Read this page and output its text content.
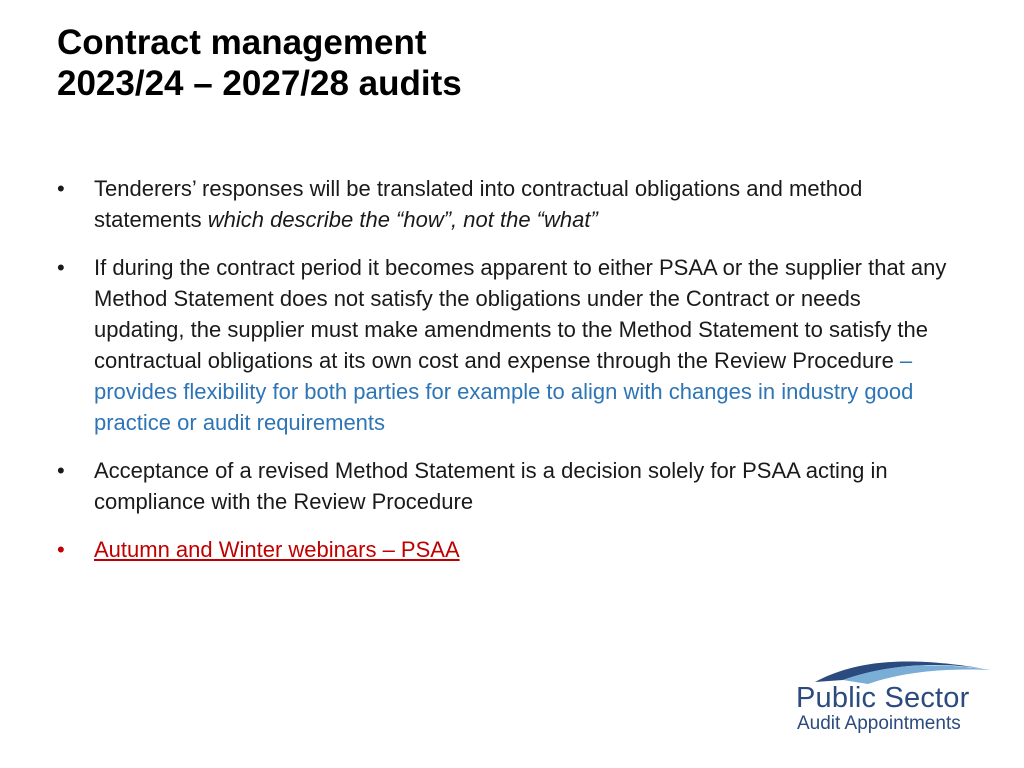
Contract management
2023/24 – 2027/28 audits
• Tenderers’ responses will be translated into contractual obligations and method statements which describe the “how”, not the “what”
• If during the contract period it becomes apparent to either PSAA or the supplier that any Method Statement does not satisfy the obligations under the Contract or needs updating, the supplier must make amendments to the Method Statement to satisfy the contractual obligations at its own cost and expense through the Review Procedure – provides flexibility for both parties for example to align with changes in industry good practice or audit requirements
• Acceptance of a revised Method Statement is a decision solely for PSAA acting in compliance with the Review Procedure
• Autumn and Winter webinars – PSAA
Public Sector
Audit Appointments
